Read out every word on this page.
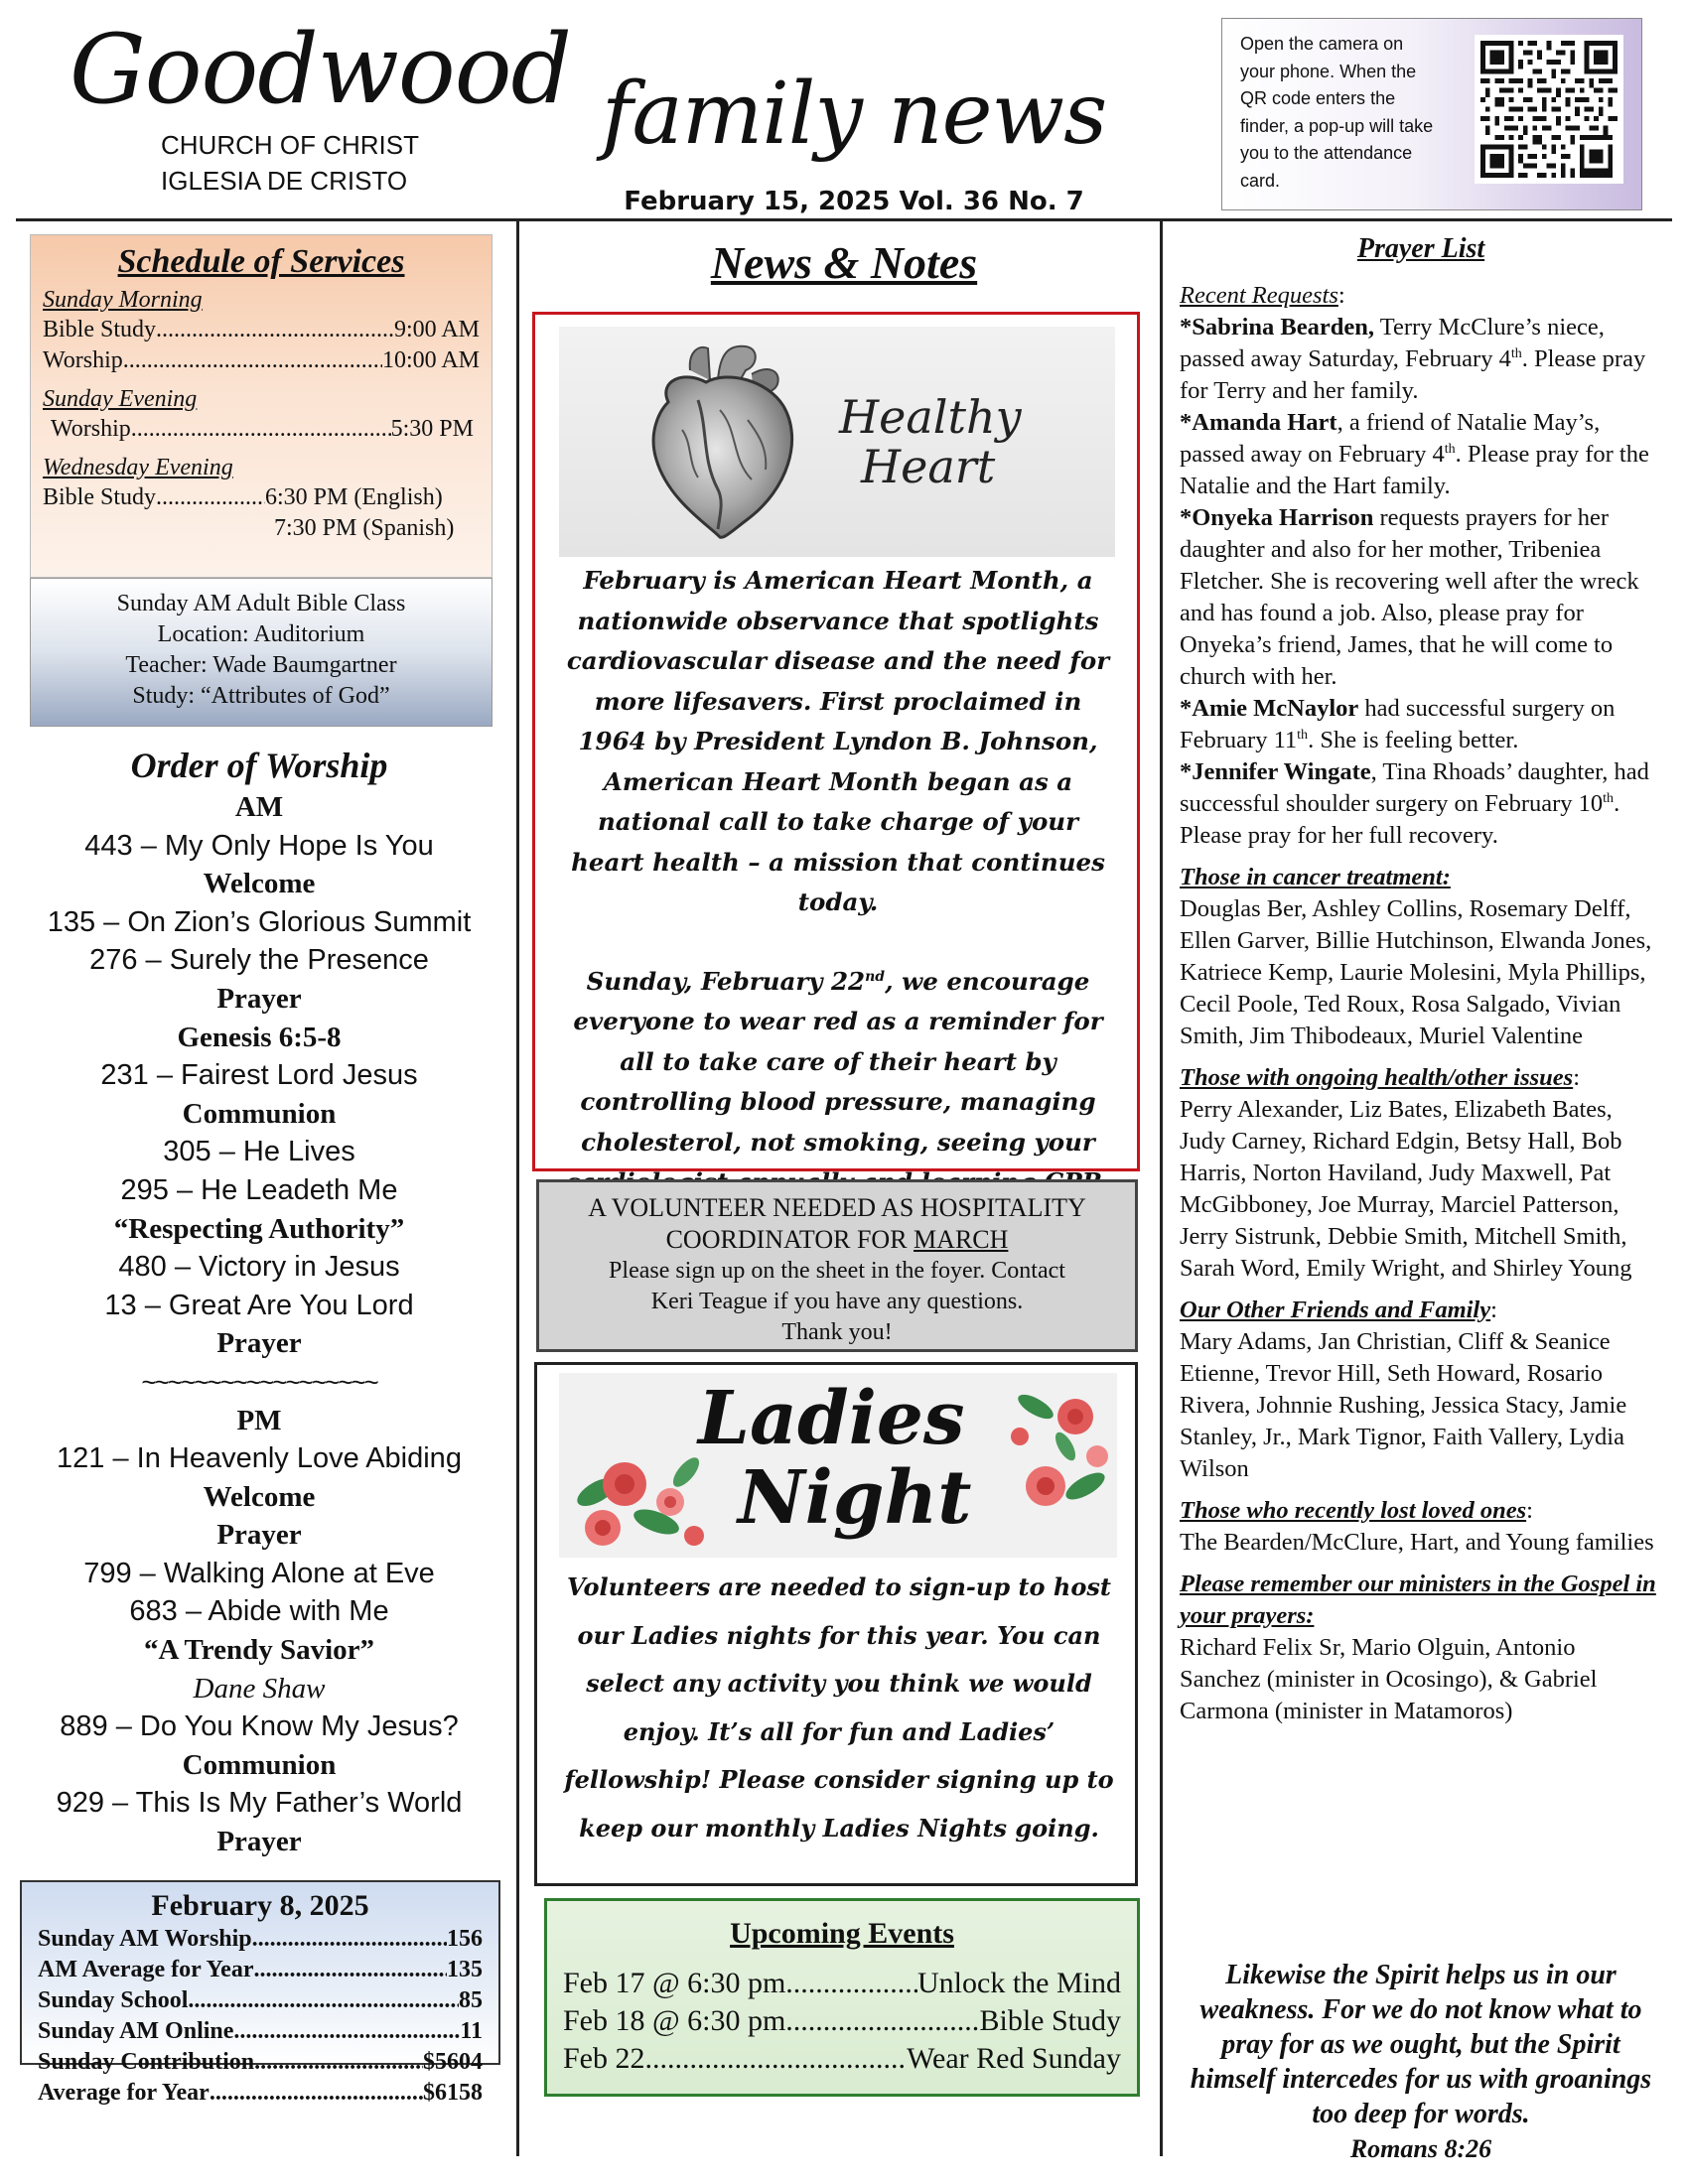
Goodwood
CHURCH OF CHRIST
IGLESIA DE CRISTO
family news
February 15, 2025 Vol. 36 No. 7
Open the camera on your phone. When the QR code enters the finder, a pop-up will take you to the attendance card.
Schedule of Services
Sunday Morning
Bible Study .....	9:00 AM
Worship .....	10:00 AM
Sunday Evening
Worship .....	5:30 PM
Wednesday Evening
Bible Study .....	6:30 PM (English)
7:30 PM (Spanish)
Sunday AM Adult Bible Class
Location: Auditorium
Teacher: Wade Baumgartner
Study: “Attributes of God”
Order of Worship
AM
443 – My Only Hope Is You
Welcome
135 – On Zion’s Glorious Summit
276 – Surely the Presence
Prayer
Genesis 6:5-8
231 – Fairest Lord Jesus
Communion
305 – He Lives
295 – He Leadeth Me
“Respecting Authority”
480 – Victory in Jesus
13 – Great Are You Lord
Prayer
~~~~~~~~~~~~~~~~~~
PM
121 – In Heavenly Love Abiding
Welcome
Prayer
799 – Walking Alone at Eve
683 – Abide with Me
“A Trendy Savior”
Dane Shaw
889 – Do You Know My Jesus?
Communion
929 – This Is My Father’s World
Prayer
February 8, 2025
Sunday AM Worship .....	156
AM Average for Year .....	135
Sunday School .....	85
Sunday AM Online .....	11
Sunday Contribution .....	$5604
Average for Year .....	$6158
News & Notes
Healthy
Heart
February is American Heart Month, a nationwide observance that spotlights cardiovascular disease and the need for more lifesavers. First proclaimed in 1964 by President Lyndon B. Johnson, American Heart Month began as a national call to take charge of your heart health – a mission that continues today.
Sunday, February 22nd, we encourage everyone to wear red as a reminder for all to take care of their heart by controlling blood pressure, managing cholesterol, not smoking, seeing your
A VOLUNTEER NEEDED AS HOSPITALITY
COORDINATOR FOR MARCH
Please sign up on the sheet in the foyer. Contact
Keri Teague if you have any questions.
Thank you!
Ladies
Night
Volunteers are needed to sign-up to host our Ladies nights for this year. You can select any activity you think we would enjoy. It’s all for fun and Ladies’ fellowship! Please consider signing up to keep our monthly Ladies Nights going.
Upcoming Events
Feb 17 @ 6:30 pm .....	Unlock the Mind
Feb 18 @ 6:30 pm .....	Bible Study
Feb 22 .....	Wear Red Sunday
Prayer List
Recent Requests:
*Sabrina Bearden, Terry McClure’s niece, passed away Saturday, February 4th. Please pray for Terry and her family.
*Amanda Hart, a friend of Natalie May’s, passed away on February 4th. Please pray for the Natalie and the Hart family.
*Onyeka Harrison requests prayers for her daughter and also for her mother, Tribeniea Fletcher. She is recovering well after the wreck and has found a job. Also, please pray for Onyeka’s friend, James, that he will come to church with her.
*Amie McNaylor had successful surgery on February 11th. She is feeling better.
*Jennifer Wingate, Tina Rhoads’ daughter, had successful shoulder surgery on February 10th. Please pray for her full recovery.
Those in cancer treatment:
Douglas Ber, Ashley Collins, Rosemary Delff, Ellen Garver, Billie Hutchinson, Elwanda Jones, Katriece Kemp, Laurie Molesini, Myla Phillips, Cecil Poole, Ted Roux, Rosa Salgado, Vivian Smith, Jim Thibodeaux, Muriel Valentine
Those with ongoing health/other issues:
Perry Alexander, Liz Bates, Elizabeth Bates, Judy Carney, Richard Edgin, Betsy Hall, Bob Harris, Norton Haviland, Judy Maxwell, Pat McGibboney, Joe Murray, Marciel Patterson, Jerry Sistrunk, Debbie Smith, Mitchell Smith, Sarah Word, Emily Wright, and Shirley Young
Our Other Friends and Family:
Mary Adams, Jan Christian, Cliff & Seanice Etienne, Trevor Hill, Seth Howard, Rosario Rivera, Johnnie Rushing, Jessica Stacy, Jamie Stanley, Jr., Mark Tignor, Faith Vallery, Lydia Wilson
Those who recently lost loved ones:
The Bearden/McClure, Hart, and Young families
Please remember our ministers in the Gospel in your prayers:
Richard Felix Sr, Mario Olguin, Antonio Sanchez (minister in Ocosingo), & Gabriel Carmona (minister in Matamoros)
Likewise the Spirit helps us in our weakness. For we do not know what to pray for as we ought, but the Spirit himself intercedes for us with groanings too deep for words.
Romans 8:26
